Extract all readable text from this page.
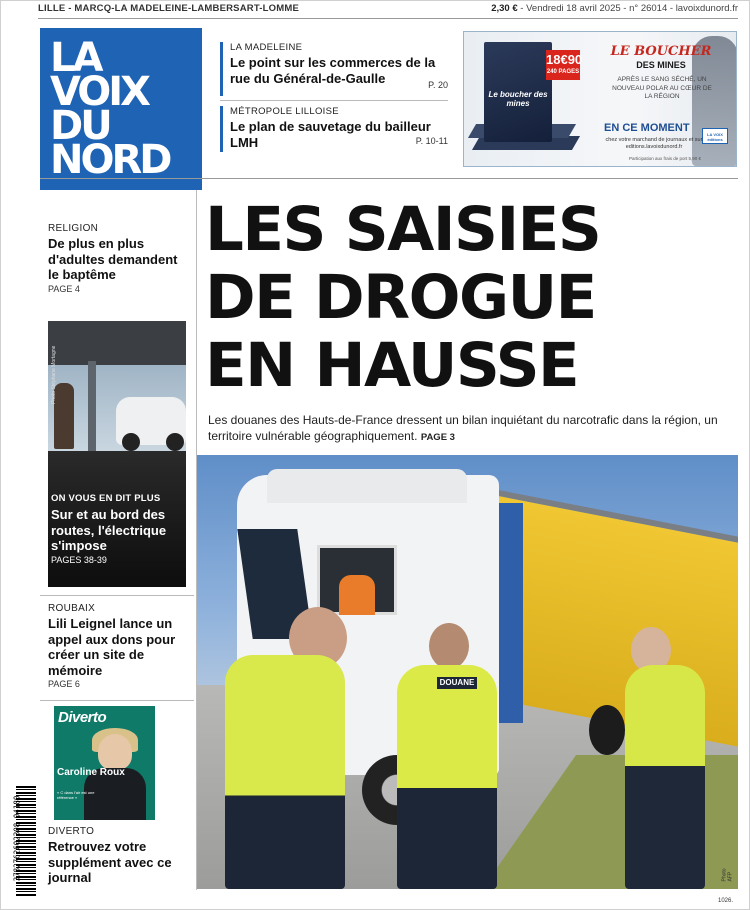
LILLE - MARCQ-LA MADELEINE-LAMBERSART-LOMME	2,30 € - Vendredi 18 avril 2025 - n° 26014 - lavoixdunord.fr
LA
VOIX
DU
NORD
LA MADELEINE
Le point sur les commerces de la rue du Général-de-Gaulle	P. 20
MÉTROPOLE LILLOISE
Le plan de sauvetage du bailleur LMH	P. 10-11
Le boucher des mines
18€90
240 PAGES
LE BOUCHER
DES MINES
APRÈS LE SANG SÉCHÉ, UN NOUVEAU POLAR AU CŒUR DE LA RÉGION
EN CE MOMENT
chez votre marchand de journaux et sur editions.lavoixdunord.fr
Participation aux frais de port 5,90 €
LA VOIX éditions
RELIGION
De plus en plus d'adultes demandent le baptême
PAGE 4
Photo Stéphane Mortagne
ON VOUS EN DIT PLUS
Sur et au bord des routes, l'électrique s'impose
PAGES 38-39
ROUBAIX
Lili Leignel lance un appel aux dons pour créer un site de mémoire
PAGE 6
Diverto
Caroline Roux
« C dans l'air est une référence »
DIVERTO
Retrouvez votre supplément avec ce journal
3782762602308 04180
LES SAISIES
DE DROGUE
EN HAUSSE
Les douanes des Hauts-de-France dressent un bilan inquiétant du narcotrafic dans la région, un territoire vulnérable géographiquement. PAGE 3
DOUANE
Photo AFP
1026.
